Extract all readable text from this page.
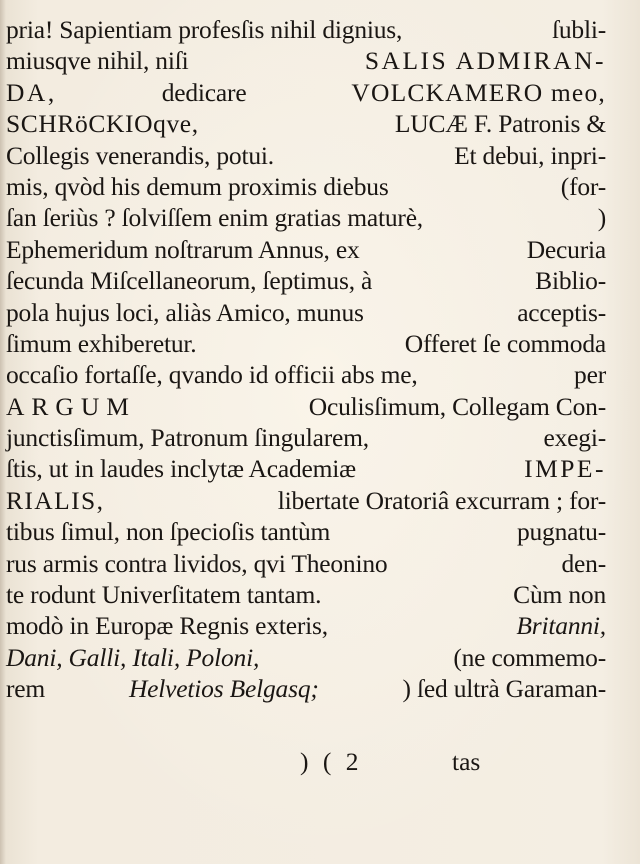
pria! Sapientiam profesſis nihil dignius,	ſubli-
miusqve nihil, niſi	SALIS ADMIRAN-
DA,	dedicare	VOLCKAMERO meo,
SCHRöCKIOqve,	LUCÆ F. Patronis &
Collegis venerandis, potui.	Et debui, inpri-
mis, qvòd his demum proximis diebus	(for-
ſan ſeriùs ? ſolviſſem enim gratias maturè,	)
Ephemeridum noſtrarum Annus, ex	Decuria
ſecunda Miſcellaneorum, ſeptimus, à	Biblio-
pola hujus loci, aliàs Amico, munus	acceptis-
ſimum exhiberetur.	Offeret ſe commoda
occaſio fortaſſe, qvando id officii abs me,	per
ARGUM	Oculisſimum, Collegam Con-
junctisſimum, Patronum ſingularem,	exegi-
ſtis, ut in laudes inclytæ Academiæ	IMPE-
RIALIS,	libertate Oratoriâ excurram ; for-
tibus ſimul, non ſpecioſis tantùm	pugnatu-
rus armis contra lividos, qvi Theonino	den-
te rodunt Univerſitatem tantam.	Cùm non
modò in Europæ Regnis exteris,	Britanni,
Dani, Galli, Itali, Poloni,	(ne commemo-
rem	Helvetios Belgasq;	) ſed ultrà Garaman-
) ( 2	tas
